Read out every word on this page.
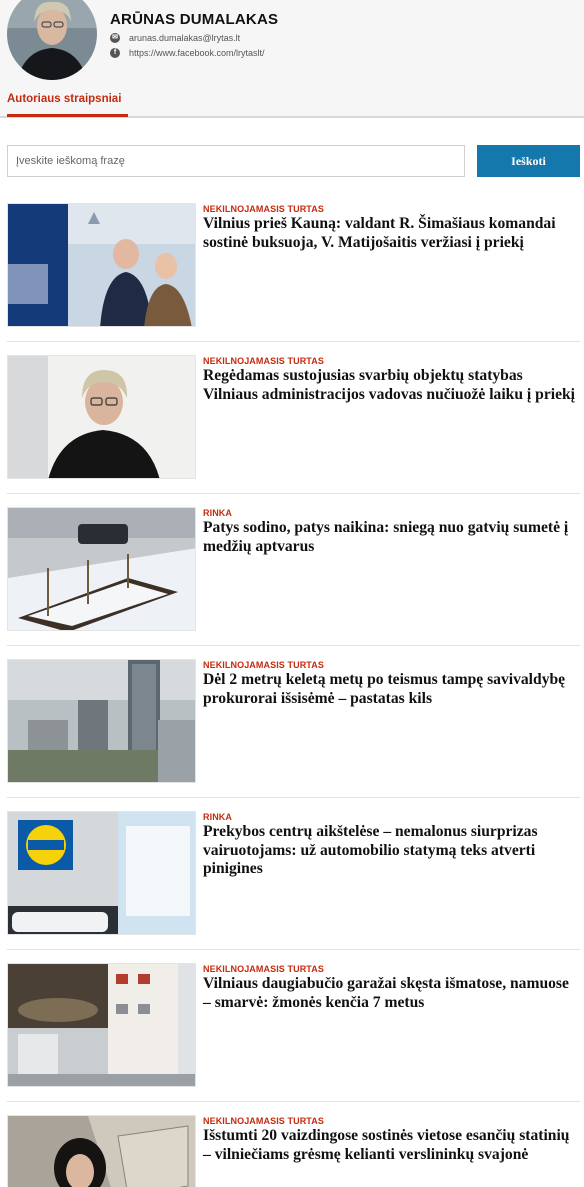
ARŪNAS DUMALAKAS
✉ arunas.dumalakas@lrytas.lt
f	https://www.facebook.com/lrytaslt/
Autoriaus straipsniai
Įveskite ieškomą frazę
Ieškoti
NEKILNOJAMASIS TURTAS
Vilnius prieš Kauną: valdant R. Šimašiaus komandai sostinė buksuoja, V. Matijošaitis veržiasi į priekį
NEKILNOJAMASIS TURTAS
Regėdamas sustojusias svarbių objektų statybas Vilniaus administracijos vadovas nučiuožė laiku į priekį
RINKA
Patys sodino, patys naikina: sniegą nuo gatvių sumetė į medžių aptvarus
NEKILNOJAMASIS TURTAS
Dėl 2 metrų keletą metų po teismus tampę savivaldybę prokurorai išsisėmė – pastatas kils
RINKA
Prekybos centrų aikštelėse – nemalonus siurprizas vairuotojams: už automobilio statymą teks atverti pinigines
NEKILNOJAMASIS TURTAS
Vilniaus daugiabučio garažai skęsta išmatose, namuose – smarvė: žmonės kenčia 7 metus
NEKILNOJAMASIS TURTAS
Išstumti 20 vaizdingose sostinės vietose esančių statinių – vilniečiams grėsmę kelianti verslininkų svajonė
